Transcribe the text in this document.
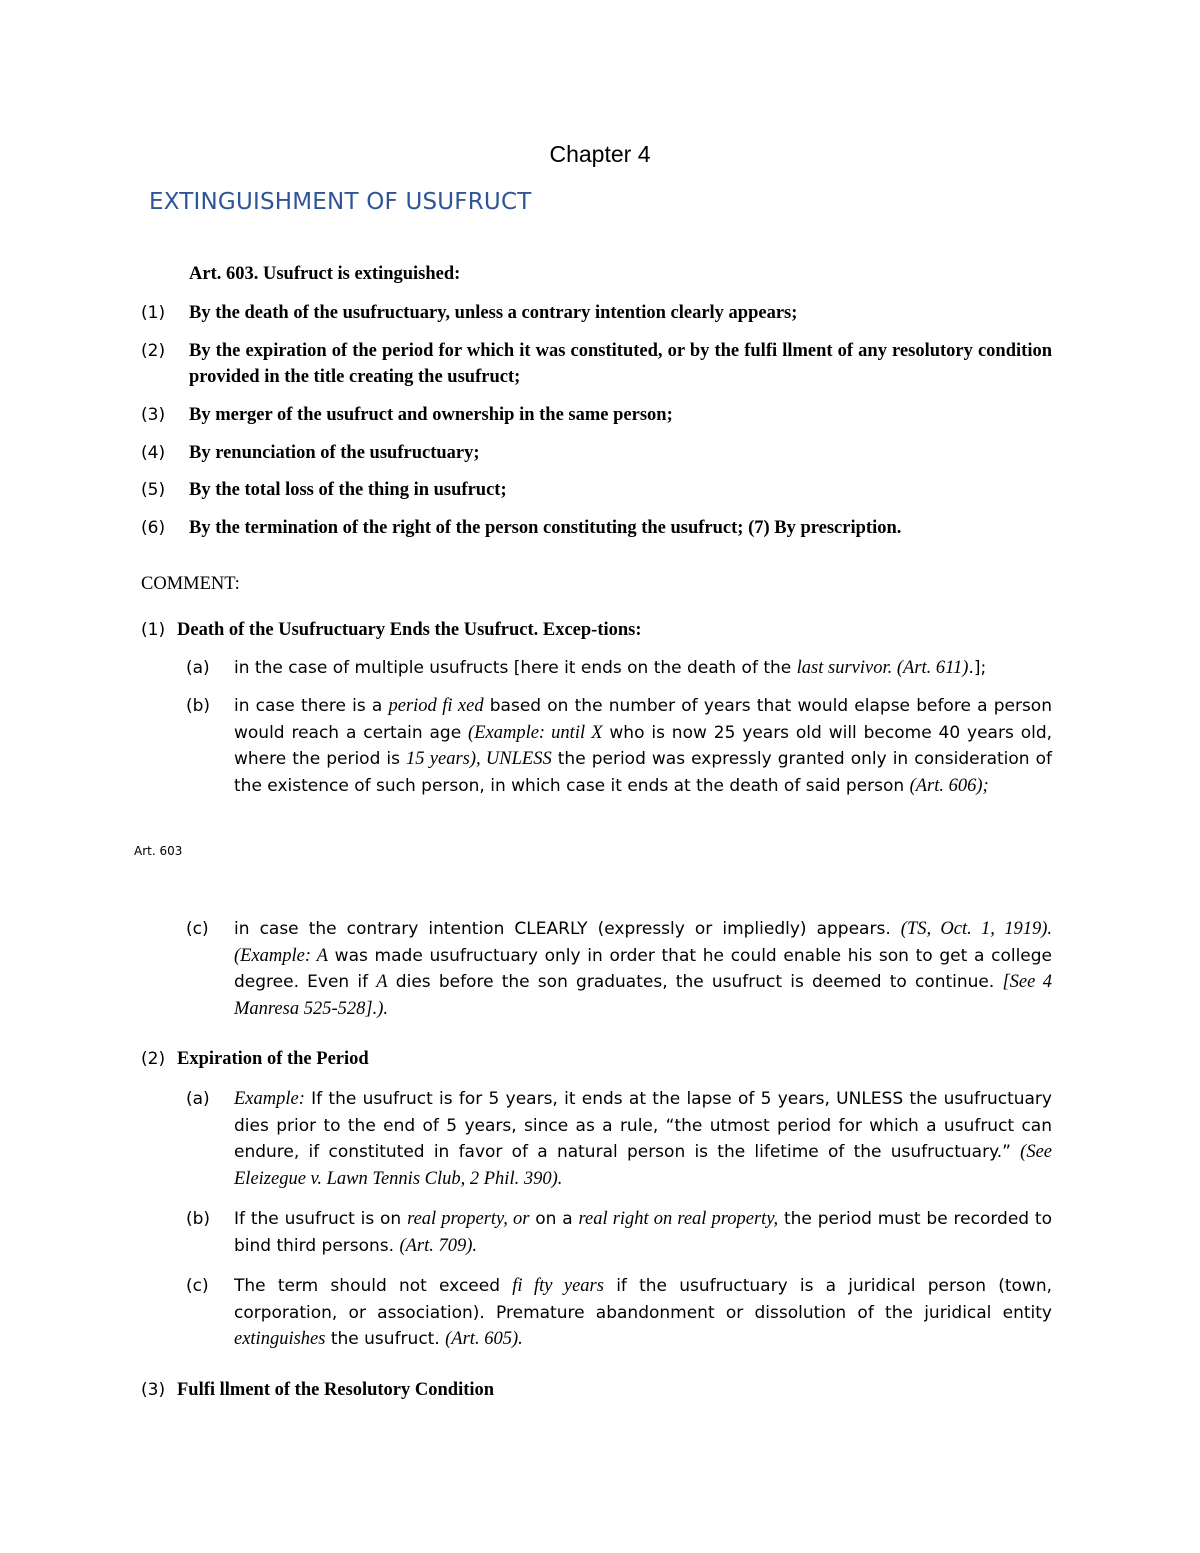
Chapter 4
EXTINGUISHMENT OF USUFRUCT
Art. 603. Usufruct is extinguished:
(1) By the death of the usufructuary, unless a contrary intention clearly appears;
(2) By the expiration of the period for which it was constituted, or by the fulfi llment of any resolutory condition provided in the title creating the usufruct;
(3) By merger of the usufruct and ownership in the same person;
(4) By renunciation of the usufructuary;
(5) By the total loss of the thing in usufruct;
(6) By the termination of the right of the person constituting the usufruct; (7) By prescription.
COMMENT:
(1) Death of the Usufructuary Ends the Usufruct. Excep-tions:
(a) in the case of multiple usufructs [here it ends on the death of the last survivor. (Art. 611).];
(b) in case there is a period fi xed based on the number of years that would elapse before a person would reach a certain age (Example: until X who is now 25 years old will become 40 years old, where the period is 15 years), UNLESS the period was expressly granted only in consideration of the existence of such person, in which case it ends at the death of said person (Art. 606);
Art. 603
(c) in case the contrary intention CLEARLY (expressly or impliedly) appears. (TS, Oct. 1, 1919). (Example: A was made usufructuary only in order that he could enable his son to get a college degree. Even if A dies before the son graduates, the usufruct is deemed to continue. [See 4 Manresa 525-528].).
(2) Expiration of the Period
(a) Example: If the usufruct is for 5 years, it ends at the lapse of 5 years, UNLESS the usufructuary dies prior to the end of 5 years, since as a rule, “the utmost period for which a usufruct can endure, if constituted in favor of a natural person is the lifetime of the usufructuary.” (See Eleizegue v. Lawn Tennis Club, 2 Phil. 390).
(b) If the usufruct is on real property, or on a real right on real property, the period must be recorded to bind third persons. (Art. 709).
(c) The term should not exceed fi fty years if the usufructuary is a juridical person (town, corporation, or association). Premature abandonment or dissolution of the juridical entity extinguishes the usufruct. (Art. 605).
(3) Fulfi llment of the Resolutory Condition
